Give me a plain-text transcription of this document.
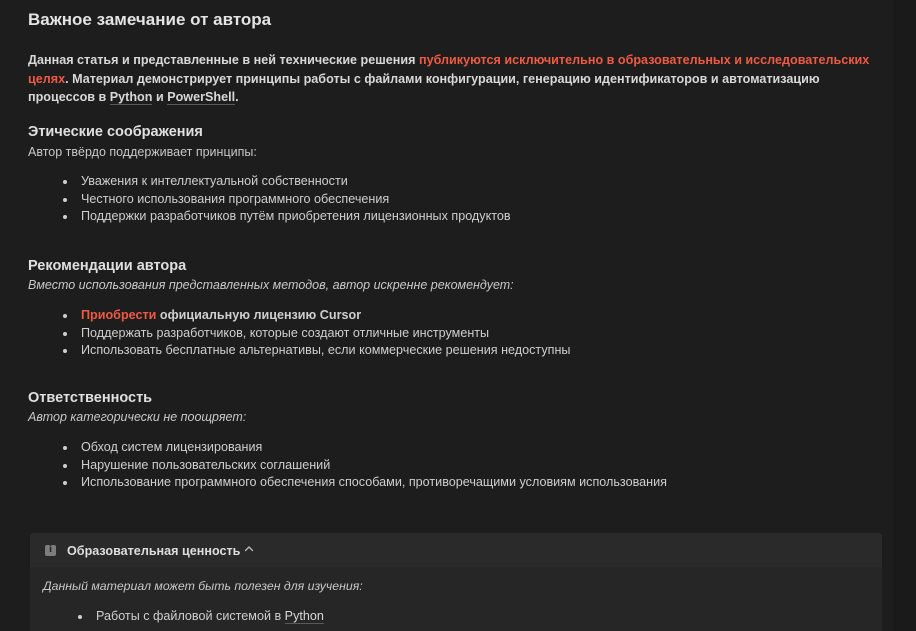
Важное замечание от автора

Данная статья и представленные в ней технические решения публикуются исключительно в образовательных и исследовательских целях. Материал демонстрирует принципы работы с файлами конфигурации, генерацию идентификаторов и автоматизацию процессов в Python и PowerShell.

Этические соображения

Автор твёрдо поддерживает принципы:

Уважения к интеллектуальной собственности
Честного использования программного обеспечения
Поддержки разработчиков путём приобретения лицензионных продуктов
Рекомендации автора

Вместо использования представленных методов, автор искренне рекомендует:

Приобрести официальную лицензию Cursor
Поддержать разработчиков, которые создают отличные инструменты
Использовать бесплатные альтернативы, если коммерческие решения недоступны
Ответственность

Автор категорически не поощряет:

Обход систем лицензирования
Нарушение пользовательских соглашений
Использование программного обеспечения способами, противоречащими условиям использования
i	Образовательная ценность

Данный материал может быть полезен для изучения:

Работы с файловой системой в Python
